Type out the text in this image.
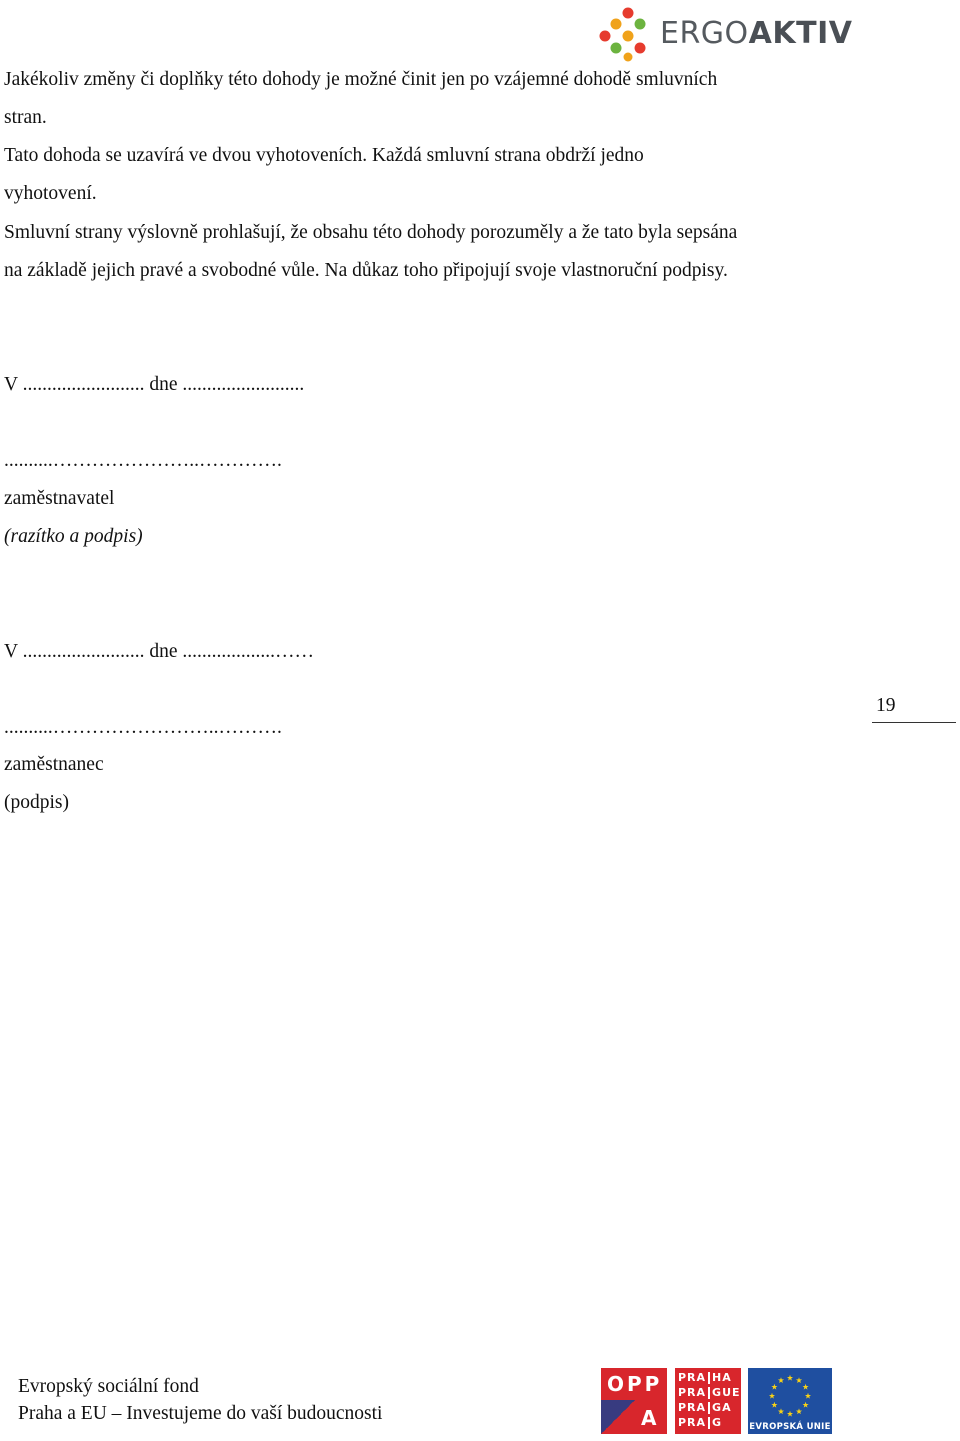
ERGOAKTIV
Jakékoliv změny či doplňky této dohody je možné činit jen po vzájemné dohodě smluvních
stran.
Tato dohoda se uzavírá ve dvou vyhotoveních. Každá smluvní strana obdrží jedno
vyhotovení.
Smluvní strany výslovně prohlašují, že obsahu této dohody porozuměly a že tato byla sepsána
na základě jejich pravé a svobodné vůle. Na důkaz toho připojují svoje vlastnoruční podpisy.
V ......................... dne .........................
..........…………………..………….
zaměstnavatel
(razítko a podpis)
V ......................... dne ...................……
..........……………………..……….
zaměstnanec
(podpis)
19
Evropský sociální fond
Praha a EU – Investujeme do vaší budoucnosti
OPP
A
PRA HA
PRA GUE
PRA GA
PRA G	EVROPSKÁ UNIE
